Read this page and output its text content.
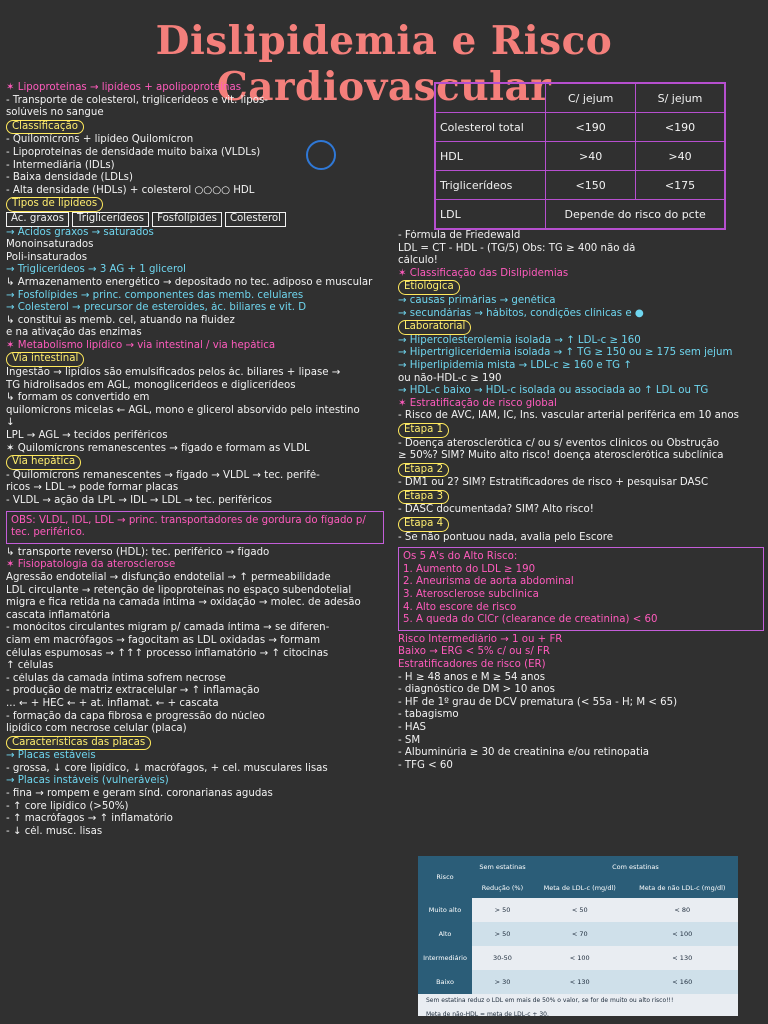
Dislipidemia e Risco Cardiovascular
✶ Lipoproteínas → lipídeos + apolipoproteínas
- Transporte de colesterol, triglicerídeos e vit. lipos-
solúveis no sangue
Classificação
- Quilomícrons + lipídeo Quilomícron
- Lipoproteínas de densidade muito baixa (VLDLs)
- Intermediária (IDLs)
- Baixa densidade (LDLs)
- Alta densidade (HDLs) + colesterol ○○○○ HDL
Tipos de lipídeos
Ác. graxos Triglicerídeos Fosfolípides Colesterol
→ Ácidos graxos → saturados
Monoinsaturados
Poli-insaturados
→ Triglicerídeos → 3 AG + 1 glicerol
↳ Armazenamento energético → depositado no tec. adiposo e muscular
→ Fosfolípides → princ. componentes das memb. celulares
→ Colesterol → precursor de esteroides, ác. biliares e vit. D
↳ constitui as memb. cel, atuando na fluidez
e na ativação das enzimas
✶ Metabolismo lipídico → via intestinal / via hepática
Via intestinal
Ingestão → lipídios são emulsificados pelos ác. biliares + lipase →
TG hidrolisados em AGL, monoglicerídeos e diglicerídeos
↳ formam os convertido em
quilomícrons micelas ← AGL, mono e glicerol absorvido pelo intestino
↓
LPL → AGL → tecidos periféricos
✶ Quilomícrons remanescentes → fígado e formam as VLDL
Via hepática
- Quilomícrons remanescentes → fígado → VLDL → tec. perifé-
ricos → LDL → pode formar placas
- VLDL → ação da LPL → IDL → LDL → tec. periféricos
OBS: VLDL, IDL, LDL → princ. transportadores de gordura do fígado p/ tec. periférico.
↳ transporte reverso (HDL): tec. periférico → fígado
✶ Fisiopatologia da aterosclerose
Agressão endotelial → disfunção endotelial → ↑ permeabilidade
LDL circulante → retenção de lipoproteínas no espaço subendotelial
migra e fica retida na camada íntima → oxidação → molec. de adesão
cascata inflamatória
- monócitos circulantes migram p/ camada íntima → se diferen-
ciam em macrófagos → fagocitam as LDL oxidadas → formam
células espumosas → ↑↑↑ processo inflamatório → ↑ citocinas
↑ células
- células da camada íntima sofrem necrose
- produção de matriz extracelular → ↑ inflamação
... ← + HEC ← + at. inflamat. ← + cascata
- formação da capa fibrosa e progressão do núcleo
lipídico com necrose celular (placa)
Características das placas
→ Placas estáveis
- grossa, ↓ core lipídico, ↓ macrófagos, + cel. musculares lisas
→ Placas instáveis (vulneráveis)
- fina → rompem e geram sínd. coronarianas agudas
- ↑ core lipídico (>50%)
- ↑ macrófagos → ↑ inflamatório
- ↓ cél. musc. lisas
	C/ jejum	S/ jejum
Colesterol total	<190	<190
HDL	>40	>40
Triglicerídeos	<150	<175
LDL	Depende do risco do pcte	
- Fórmula de Friedewald
LDL = CT - HDL - (TG/5) Obs: TG ≥ 400 não dá
cálculo!
✶ Classificação das Dislipidemias
Etiológica
→ causas primárias → genética
→ secundárias → hábitos, condições clínicas e ●
Laboratorial
→ Hipercolesterolemia isolada → ↑ LDL-c ≥ 160
→ Hipertrigliceridemia isolada → ↑ TG ≥ 150 ou ≥ 175 sem jejum
→ Hiperlipidemia mista → LDL-c ≥ 160 e TG ↑
ou não-HDL-c ≥ 190
→ HDL-c baixo → HDL-c isolada ou associada ao ↑ LDL ou TG
✶ Estratificação de risco global
- Risco de AVC, IAM, IC, Ins. vascular arterial periférica em 10 anos
Etapa 1
- Doença aterosclerótica c/ ou s/ eventos clínicos ou Obstrução
≥ 50%? SIM? Muito alto risco! doença aterosclerótica subclínica
Etapa 2
- DM1 ou 2? SIM? Estratificadores de risco + pesquisar DASC
Etapa 3
- DASC documentada? SIM? Alto risco!
Etapa 4
- Se não pontuou nada, avalia pelo Escore
Os 5 A's do Alto Risco:
1. Aumento do LDL ≥ 190
2. Aneurisma de aorta abdominal
3. Aterosclerose subclínica
4. Alto escore de risco
5. A queda do ClCr (clearance de creatinina) < 60
Risco Intermediário → 1 ou + FR
Baixo → ERG < 5% c/ ou s/ FR
Estratificadores de risco (ER)
- H ≥ 48 anos e M ≥ 54 anos
- diagnóstico de DM > 10 anos
- HF de 1º grau de DCV prematura (< 55a - H; M < 65)
- tabagismo
- HAS
- SM
- Albuminúria ≥ 30 de creatinina e/ou retinopatia
- TFG < 60
Risco	Sem estatinas	Com estatinas	
	Redução (%)	Meta de LDL-c (mg/dl)	Meta de não LDL-c (mg/dl)
Muito alto	> 50	< 50	< 80
Alto	> 50	< 70	< 100
Intermediário	30-50	< 100	< 130
Baixo	> 30	< 130	< 160
Sem estatina reduz o LDL em mais de 50% o valor, se for de muito ou alto risco!!!
Meta de não-HDL = meta de LDL-c + 30.
